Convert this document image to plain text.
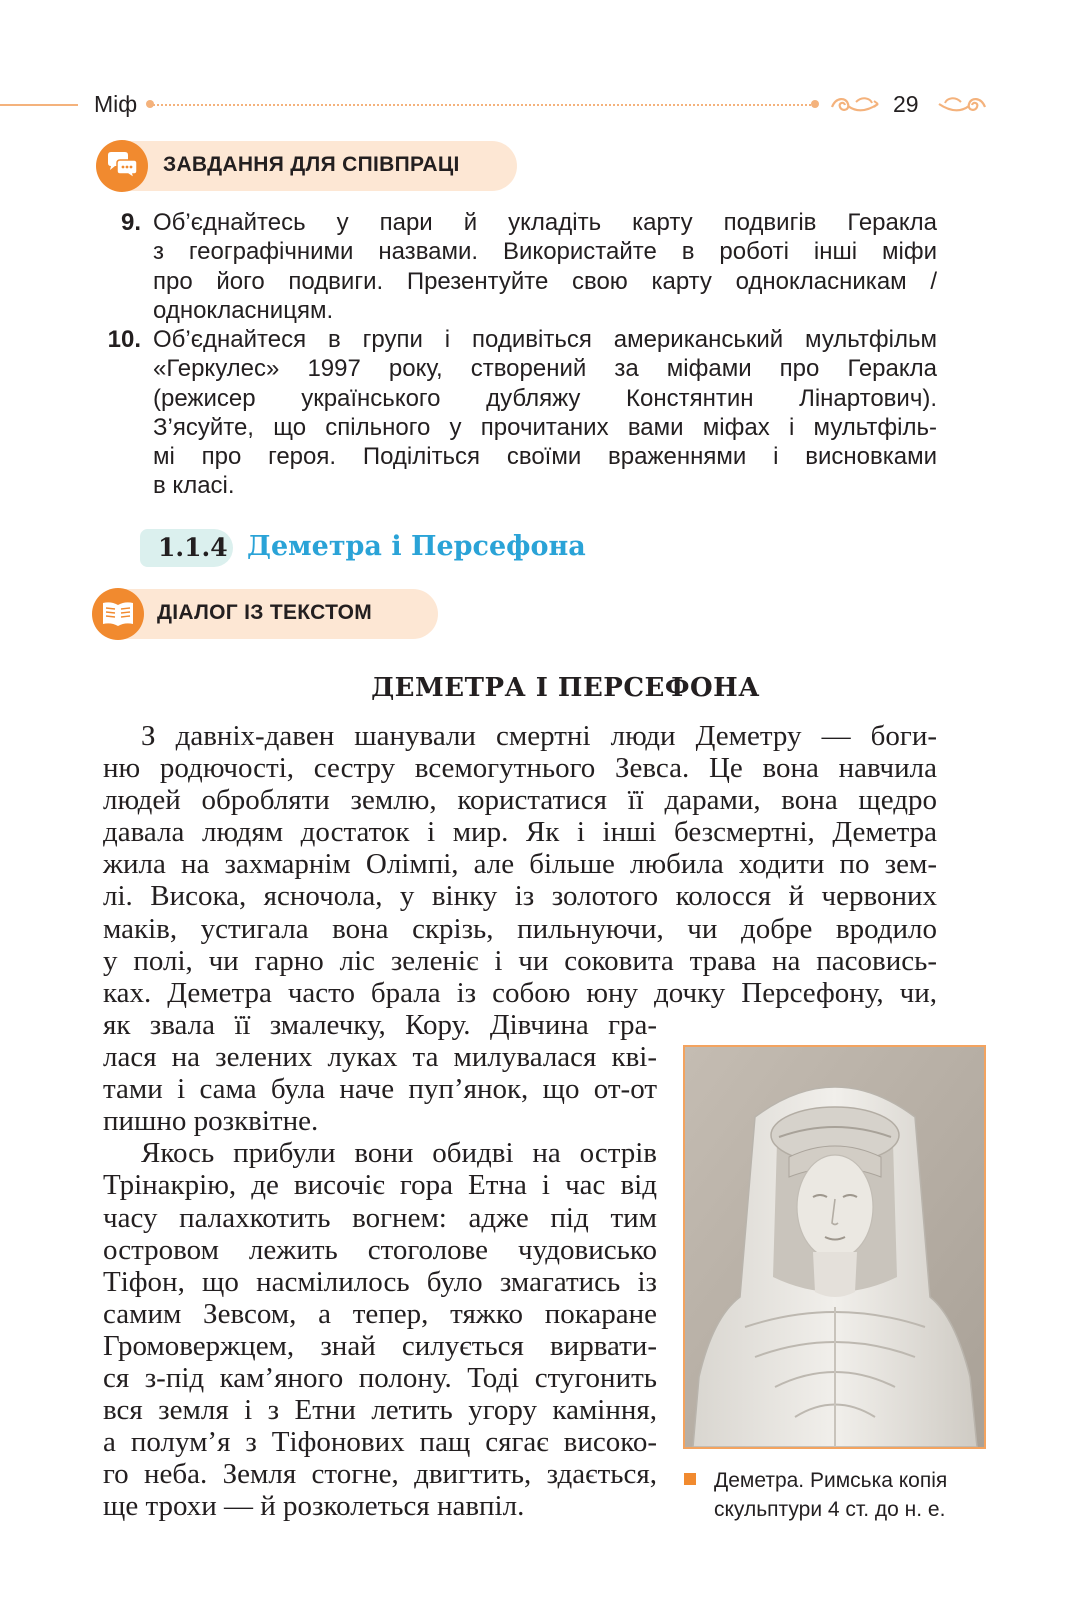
Міф	29
ЗАВДАННЯ ДЛЯ СПІВПРАЦІ
9. Об’єднайтесь у пари й укладіть карту подвигів Геракла
з географічними назвами. Використайте в роботі інші міфи
про його подвиги. Презентуйте свою карту однокласникам /
однокласницям.
10. Об’єднайтеся в групи і подивіться американський мультфільм
«Геркулес» 1997 року, створений за міфами про Геракла
(режисер українського дубляжу Констянтин Лінартович).
З’ясуйте, що спільного у прочитаних вами міфах і мультфіль-
мі про героя. Поділіться своїми враженнями і висновками
в класі.
1.1.4 Деметра і Персефона
ДІАЛОГ ІЗ ТЕКСТОМ
ДЕМЕТРА І ПЕРСЕФОНА
З давніх-давен шанували смертні люди Деметру — боги-
ню родючості, сестру всемогутнього Зевса. Це вона навчила
людей обробляти землю, користатися її дарами, вона щедро
давала людям достаток і мир. Як і інші безсмертні, Деметра
жила на захмарнім Олімпі, але більше любила ходити по зем-
лі. Висока, ясночола, у вінку із золотого колосся й червоних
маків, устигала вона скрізь, пильнуючи, чи добре вродило
у полі, чи гарно ліс зеленіє і чи соковита трава на пасовись-
ках. Деметра часто брала із собою юну дочку Персефону, чи,
як звала її змалечку, Кору. Дівчина гра-
лася на зелених луках та милувалася кві-
тами і сама була наче пуп’янок, що от-от
пишно розквітне.
Якось прибули вони обидві на острів
Трінакрію, де височіє гора Етна і час від
часу палахкотить вогнем: адже під тим
островом лежить стоголове чудовисько
Тіфон, що насмілилось було змагатись із
самим Зевсом, а тепер, тяжко покаране
Громовержцем, знай силується вирвати-
ся з-під кам’яного полону. Тоді стугонить
вся земля і з Етни летить угору каміння,
а полум’я з Тіфонових пащ сягає високо-
го неба. Земля стогне, двигтить, здається,
ще трохи — й розколеться навпіл.
Деметра. Римська копія
скульптури 4 ст. до н. е.
